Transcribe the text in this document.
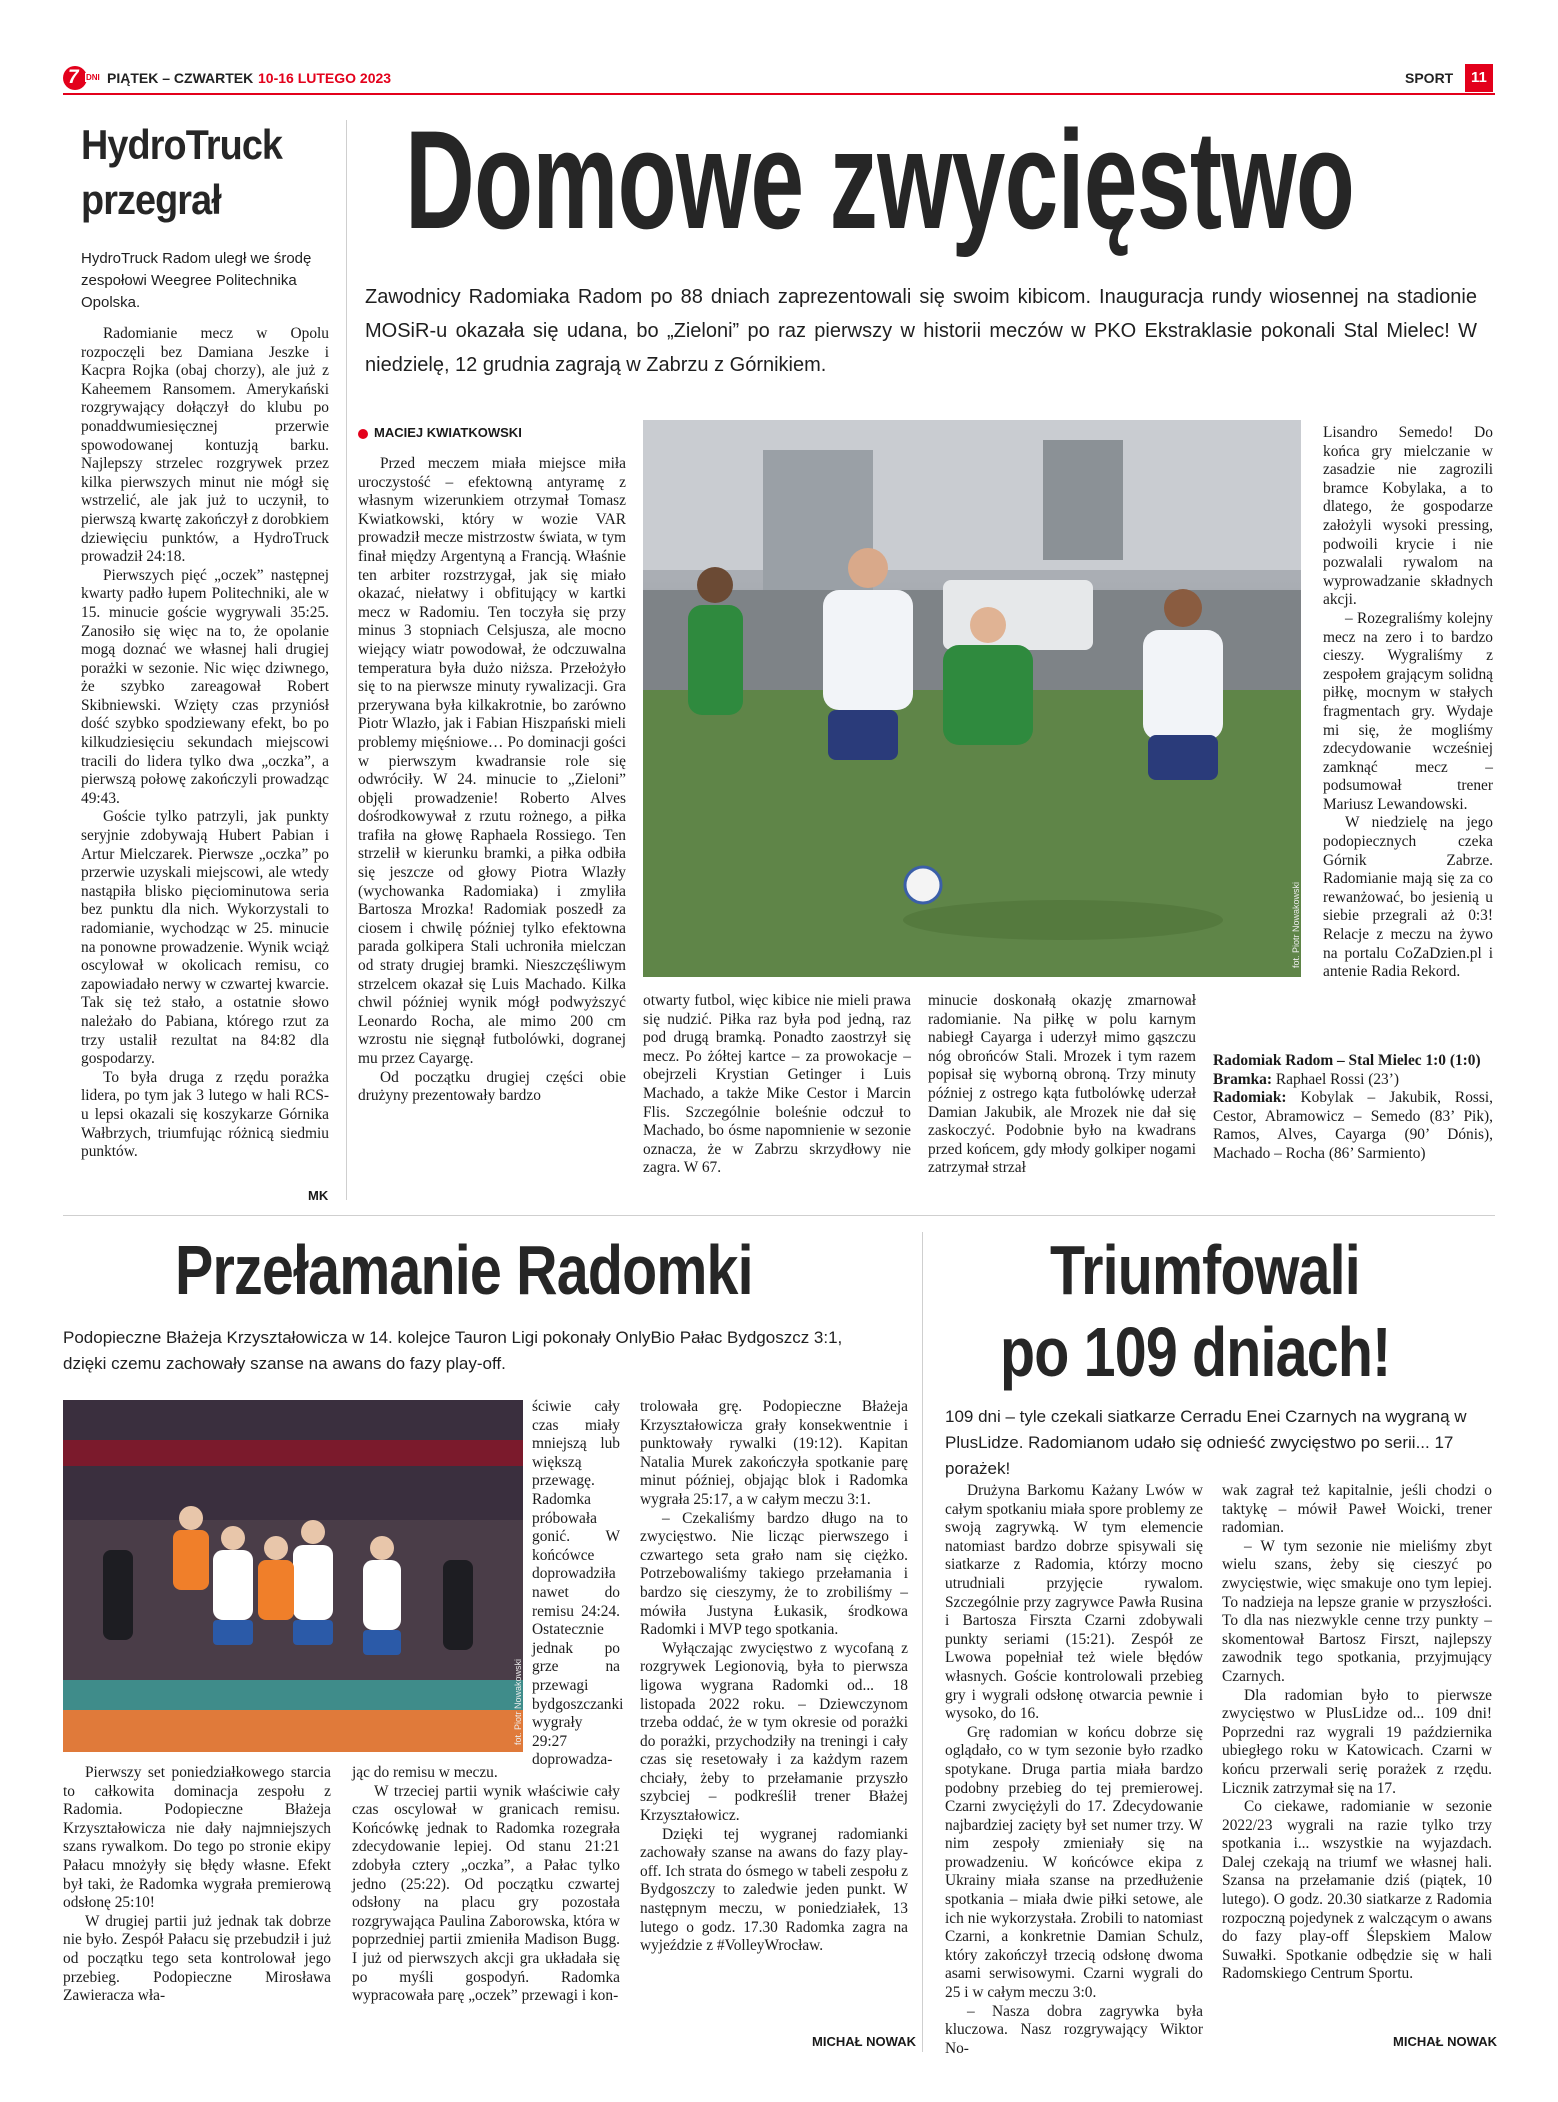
7 DNI PIĄTEK – CZWARTEK 10-16 LUTEGO 2023	SPORT 11
HydroTruck
przegrał
HydroTruck Radom uległ we środę zespołowi Weegree Politechnika Opolska.

Radomianie mecz w Opolu rozpoczęli bez Damiana Jeszke i Kacpra Rojka (obaj chorzy), ale już z Kaheemem Ransomem. Amerykański rozgrywający dołączył do klubu po ponaddwumiesięcznej przerwie spowodowanej kontuzją barku. Najlepszy strzelec rozgrywek przez kilka pierwszych minut nie mógł się wstrzelić, ale jak już to uczynił, to pierwszą kwartę zakończył z dorobkiem dziewięciu punktów, a HydroTruck prowadził 24:18.

Pierwszych pięć „oczek” następnej kwarty padło łupem Politechniki, ale w 15. minucie goście wygrywali 35:25. Zanosiło się więc na to, że opolanie mogą doznać we własnej hali drugiej porażki w sezonie. Nic więc dziwnego, że szybko zareagował Robert Skibniewski. Wzięty czas przyniósł dość szybko spodziewany efekt, bo po kilkudziesięciu sekundach miejscowi tracili do lidera tylko dwa „oczka”, a pierwszą połowę zakończyli prowadząc 49:43.

Goście tylko patrzyli, jak punkty seryjnie zdobywają Hubert Pabian i Artur Mielczarek. Pierwsze „oczka” po przerwie uzyskali miejscowi, ale wtedy nastąpiła blisko pięciominutowa seria bez punktu dla nich. Wykorzystali to radomianie, wychodząc w 25. minucie na ponowne prowadzenie. Wynik wciąż oscylował w okolicach remisu, co zapowiadało nerwy w czwartej kwarcie. Tak się też stało, a ostatnie słowo należało do Pabiana, którego rzut za trzy ustalił rezultat na 84:82 dla gospodarzy.

To była druga z rzędu porażka lidera, po tym jak 3 lutego w hali RCS-u lepsi okazali się koszykarze Górnika Wałbrzych, triumfując różnicą siedmiu punktów.

MK
Domowe zwycięstwo
Zawodnicy Radomiaka Radom po 88 dniach zaprezentowali się swoim kibicom. Inauguracja rundy wiosennej na stadionie MOSiR-u okazała się udana, bo „Zieloni” po raz pierwszy w historii meczów w PKO Ekstraklasie pokonali Stal Mielec! W niedzielę, 12 grudnia zagrają w Zabrzu z Górnikiem.
MACIEJ KWIATKOWSKI
fot. Piotr Nowakowski

Przed meczem miała miejsce miła uroczystość – efektowną antyramę z własnym wizerunkiem otrzymał Tomasz Kwiatkowski, który w wozie VAR prowadził mecze mistrzostw świata, w tym finał między Argentyną a Francją. Właśnie ten arbiter rozstrzygał, jak się miało okazać, niełatwy i obfitujący w kartki mecz w Radomiu. Ten toczyła się przy minus 3 stopniach Celsjusza, ale mocno wiejący wiatr powodował, że odczuwalna temperatura była dużo niższa. Przełożyło się to na pierwsze minuty rywalizacji. Gra przerywana była kilkakrotnie, bo zarówno Piotr Wlazło, jak i Fabian Hiszpański mieli problemy mięśniowe… Po dominacji gości w pierwszym kwadransie role się odwróciły. W 24. minucie to „Zieloni” objęli prowadzenie! Roberto Alves dośrodkowywał z rzutu rożnego, a piłka trafiła na głowę Raphaela Rossiego. Ten strzelił w kierunku bramki, a piłka odbiła się jeszcze od głowy Piotra Wlazły (wychowanka Radomiaka) i zmyliła Bartosza Mrozka! Radomiak poszedł za ciosem i chwilę później tylko efektowna parada golkipera Stali uchroniła mielczan od straty drugiej bramki. Nieszczęśliwym strzelcem okazał się Luis Machado. Kilka chwil później wynik mógł podwyższyć Leonardo Rocha, ale mimo 200 cm wzrostu nie sięgnął futbolówki, dogranej mu przez Cayargę.

Od początku drugiej części obie drużyny prezentowały bardzo

otwarty futbol, więc kibice nie mieli prawa się nudzić. Piłka raz była pod jedną, raz pod drugą bramką. Ponadto zaostrzył się mecz. Po żółtej kartce – za prowokacje – obejrzeli Krystian Getinger i Luis Machado, a także Mike Cestor i Marcin Flis. Szczególnie boleśnie odczuł to Machado, bo ósme napomnienie w sezonie oznacza, że w Zabrzu skrzydłowy nie zagra. W 67.

minucie doskonałą okazję zmarnował radomianie. Na piłkę w polu karnym nabiegł Cayarga i uderzył mimo gąszczu nóg obrońców Stali. Mrozek i tym razem popisał się wyborną obroną. Trzy minuty później z ostrego kąta futbolówkę uderzał Damian Jakubik, ale Mrozek nie dał się zaskoczyć. Podobnie było na kwadrans przed końcem, gdy młody golkiper nogami zatrzymał strzał

Lisandro Semedo! Do końca gry mielczanie w zasadzie nie zagrozili bramce Kobylaka, a to dlatego, że gospodarze założyli wysoki pressing, podwoili krycie i nie pozwalali rywalom na wyprowadzanie składnych akcji.

– Rozegraliśmy kolejny mecz na zero i to bardzo cieszy. Wygraliśmy z zespołem grającym solidną piłkę, mocnym w stałych fragmentach gry. Wydaje mi się, że mogliśmy zdecydowanie wcześniej zamknąć mecz – podsumował trener Mariusz Lewandowski.

W niedzielę na jego podopiecznych czeka Górnik Zabrze. Radomianie mają się za co rewanżować, bo jesienią u siebie przegrali aż 0:3! Relacje z meczu na żywo na portalu CoZaDzien.pl i antenie Radia Rekord.

Radomiak Radom – Stal Mielec 1:0 (1:0)

Bramka: Raphael Rossi (23’)

Radomiak: Kobylak – Jakubik, Rossi, Cestor, Abramowicz – Semedo (83’ Pik), Ramos, Alves, Cayarga (90’ Dónis), Machado – Rocha (86’ Sarmiento)

Przełamanie Radomki
Podopieczne Błażeja Krzyształowicza w 14. kolejce Tauron Ligi pokonały OnlyBio Pałac Bydgoszcz 3:1, dzięki czemu zachowały szanse na awans do fazy play-off.
fot. Piotr Nowakowski

ściwie cały czas miały mniejszą lub większą przewagę. Radomka próbowała gonić. W końcówce doprowadziła nawet do remisu 24:24. Ostatecznie jednak po grze na przewagi bydgoszczanki wygrały 29:27 doprowadza-

Pierwszy set poniedziałkowego starcia to całkowita dominacja zespołu z Radomia. Podopieczne Błażeja Krzyształowicza nie dały najmniejszych szans rywalkom. Do tego po stronie ekipy Pałacu mnożyły się błędy własne. Efekt był taki, że Radomka wygrała premierową odsłonę 25:10!

W drugiej partii już jednak tak dobrze nie było. Zespół Pałacu się przebudził i już od początku tego seta kontrolował jego przebieg. Podopieczne Mirosława Zawieracza wła-

jąc do remisu w meczu.

W trzeciej partii wynik właściwie cały czas oscylował w granicach remisu. Końcówkę jednak to Radomka rozegrała zdecydowanie lepiej. Od stanu 21:21 zdobyła cztery „oczka”, a Pałac tylko jedno (25:22). Od początku czwartej odsłony na placu gry pozostała rozgrywająca Paulina Zaborowska, która w poprzedniej partii zmieniła Madison Bugg. I już od pierwszych akcji gra układała się po myśli gospodyń. Radomka wypracowała parę „oczek” przewagi i kon-

trolowała grę. Podopieczne Błażeja Krzyształowicza grały konsekwentnie i punktowały rywalki (19:12). Kapitan Natalia Murek zakończyła spotkanie parę minut później, objając blok i Radomka wygrała 25:17, a w całym meczu 3:1.

– Czekaliśmy bardzo długo na to zwycięstwo. Nie licząc pierwszego i czwartego seta grało nam się ciężko. Potrzebowaliśmy takiego przełamania i bardzo się cieszymy, że to zrobiliśmy – mówiła Justyna Łukasik, środkowa Radomki i MVP tego spotkania.

Wyłączając zwycięstwo z wycofaną z rozgrywek Legionovią, była to pierwsza ligowa wygrana Radomki od... 18 listopada 2022 roku. – Dziewczynom trzeba oddać, że w tym okresie od porażki do porażki, przychodziły na treningi i cały czas się resetowały i za każdym razem chciały, żeby to przełamanie przyszło szybciej – podkreślił trener Błażej Krzyształowicz.

Dzięki tej wygranej radomianki zachowały szanse na awans do fazy play-off. Ich strata do ósmego w tabeli zespołu z Bydgoszczy to zaledwie jeden punkt. W następnym meczu, w poniedziałek, 13 lutego o godz. 17.30 Radomka zagra na wyjeździe z #VolleyWrocław.

MICHAŁ NOWAK
Triumfowali
po 109 dniach!
109 dni – tyle czekali siatkarze Cerradu Enei Czarnych na wygraną w PlusLidze. Radomianom udało się odnieść zwycięstwo po serii... 17 porażek!

Drużyna Barkomu Każany Lwów w całym spotkaniu miała spore problemy ze swoją zagrywką. W tym elemencie natomiast bardzo dobrze spisywali się siatkarze z Radomia, którzy mocno utrudniali przyjęcie rywalom. Szczególnie przy zagrywce Pawła Rusina i Bartosza Firszta Czarni zdobywali punkty seriami (15:21). Zespół ze Lwowa popełniał też wiele błędów własnych. Goście kontrolowali przebieg gry i wygrali odsłonę otwarcia pewnie i wysoko, do 16.

Grę radomian w końcu dobrze się oglądało, co w tym sezonie było rzadko spotykane. Druga partia miała bardzo podobny przebieg do tej premierowej. Czarni zwyciężyli do 17. Zdecydowanie najbardziej zacięty był set numer trzy. W nim zespoły zmieniały się na prowadzeniu. W końcówce ekipa z Ukrainy miała szanse na przedłużenie spotkania – miała dwie piłki setowe, ale ich nie wykorzystała. Zrobili to natomiast Czarni, a konkretnie Damian Schulz, który zakończył trzecią odsłonę dwoma asami serwisowymi. Czarni wygrali do 25 i w całym meczu 3:0.

– Nasza dobra zagrywka była kluczowa. Nasz rozgrywający Wiktor No-

wak zagrał też kapitalnie, jeśli chodzi o taktykę – mówił Paweł Woicki, trener radomian.

– W tym sezonie nie mieliśmy zbyt wielu szans, żeby się cieszyć po zwycięstwie, więc smakuje ono tym lepiej. To nadzieja na lepsze granie w przyszłości. To dla nas niezwykle cenne trzy punkty – skomentował Bartosz Firszt, najlepszy zawodnik tego spotkania, przyjmujący Czarnych.

Dla radomian było to pierwsze zwycięstwo w PlusLidze od... 109 dni! Poprzedni raz wygrali 19 października ubiegłego roku w Katowicach. Czarni w końcu przerwali serię porażek z rzędu. Licznik zatrzymał się na 17.

Co ciekawe, radomianie w sezonie 2022/23 wygrali na razie tylko trzy spotkania i... wszystkie na wyjazdach. Dalej czekają na triumf we własnej hali. Szansa na przełamanie dziś (piątek, 10 lutego). O godz. 20.30 siatkarze z Radomia rozpoczną pojedynek z walczącym o awans do fazy play-off Ślepskiem Malow Suwałki. Spotkanie odbędzie się w hali Radomskiego Centrum Sportu.

MICHAŁ NOWAK
